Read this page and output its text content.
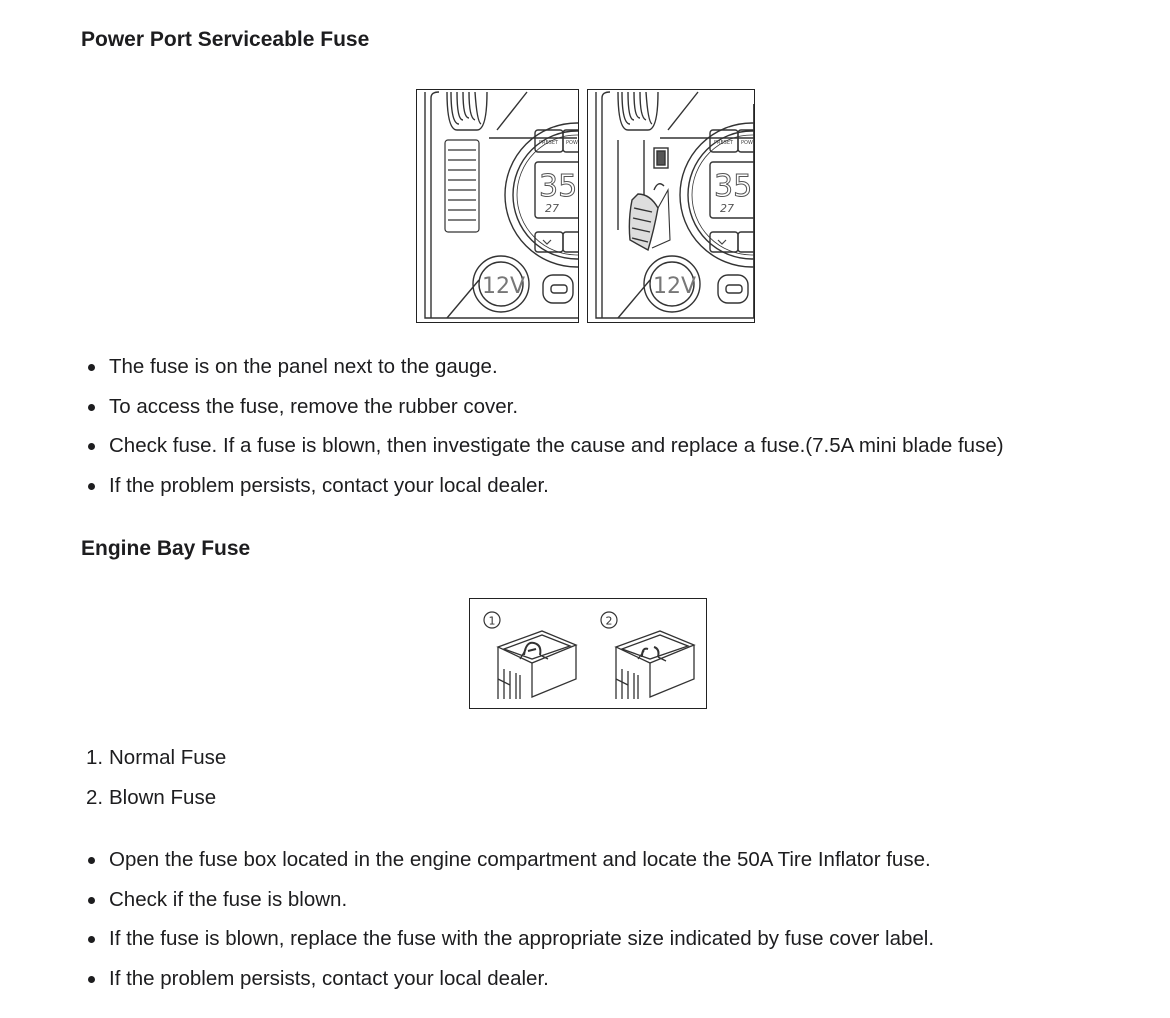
Power Port Serviceable Fuse
35
27
PRESET POW
12V
35
27
PRESET POW
12V
The fuse is on the panel next to the gauge.
To access the fuse, remove the rubber cover.
Check fuse. If a fuse is blown, then investigate the cause and replace a fuse.(7.5A mini blade fuse)
If the problem persists, contact your local dealer.
Engine Bay Fuse
1	2
1. Normal Fuse
2. Blown Fuse
Open the fuse box located in the engine compartment and locate the 50A Tire Inflator fuse.
Check if the fuse is blown.
If the fuse is blown, replace the fuse with the appropriate size indicated by fuse cover label.
If the problem persists, contact your local dealer.
